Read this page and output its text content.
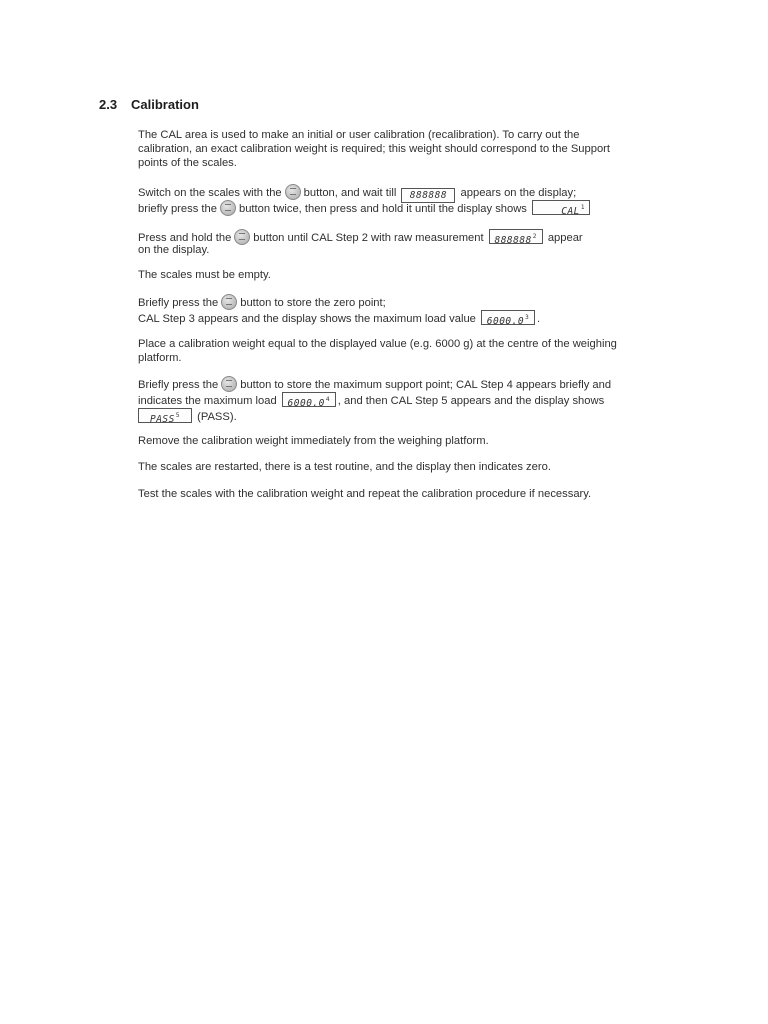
2.3 Calibration
The CAL area is used to make an initial or user calibration (recalibration). To carry out the
calibration, an exact calibration weight is required; this weight should correspond to the Support
points of the scales.
Switch on the scales with the button, and wait till 888888 appears on the display;
briefly press the button twice, then press and hold it until the display shows	CAL$^1$
Press and hold the button until CAL Step 2 with raw measurement 888888$^2$ appear
on the display.
The scales must be empty.
Briefly press the button to store the zero point;
CAL Step 3 appears and the display shows the maximum load value 6000.0$^3$ .
Place a calibration weight equal to the displayed value (e.g. 6000 g) at the centre of the weighing
platform.
Briefly press the button to store the maximum support point; CAL Step 4 appears briefly and
indicates the maximum load 6000.0$^4$ , and then CAL Step 5 appears and the display shows
PASS$^5$ (PASS).
Remove the calibration weight immediately from the weighing platform.
The scales are restarted, there is a test routine, and the display then indicates zero.
Test the scales with the calibration weight and repeat the calibration procedure if necessary.
